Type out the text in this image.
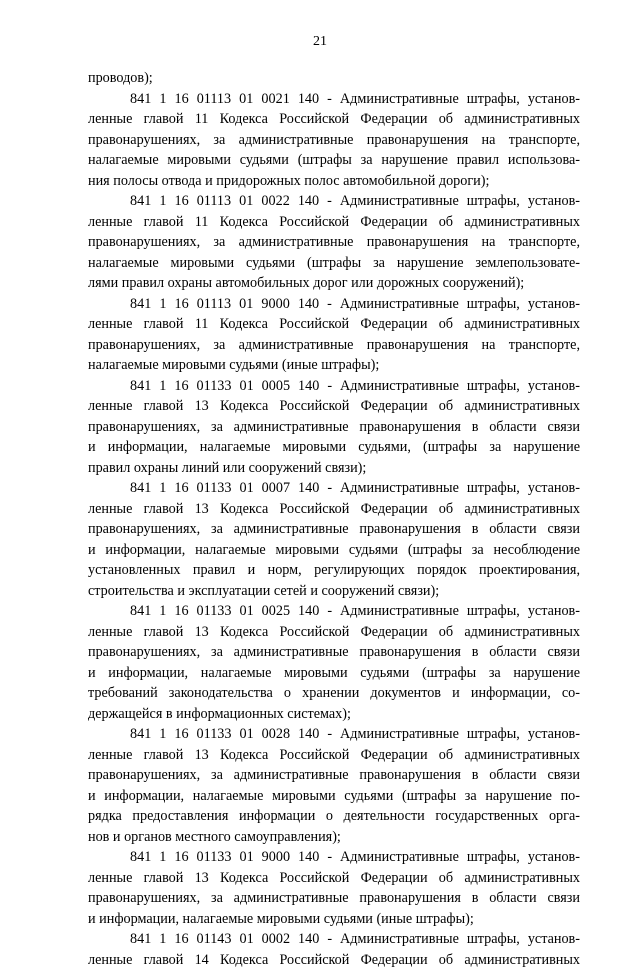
21
проводов);
841 1 16 01113 01 0021 140 - Административные штрафы, установ-
ленные главой 11 Кодекса Российской Федерации об административных
правонарушениях, за административные правонарушения на транспорте,
налагаемые мировыми судьями (штрафы за нарушение правил использова-
ния полосы отвода и придорожных полос автомобильной дороги);
841 1 16 01113 01 0022 140 - Административные штрафы, установ-
ленные главой 11 Кодекса Российской Федерации об административных
правонарушениях, за административные правонарушения на транспорте,
налагаемые мировыми судьями (штрафы за нарушение землепользовате-
лями правил охраны автомобильных дорог или дорожных сооружений);
841 1 16 01113 01 9000 140 - Административные штрафы, установ-
ленные главой 11 Кодекса Российской Федерации об административных
правонарушениях, за административные правонарушения на транспорте,
налагаемые мировыми судьями (иные штрафы);
841 1 16 01133 01 0005 140 - Административные штрафы, установ-
ленные главой 13 Кодекса Российской Федерации об административных
правонарушениях, за административные правонарушения в области связи
и информации, налагаемые мировыми судьями, (штрафы за нарушение
правил охраны линий или сооружений связи);
841 1 16 01133 01 0007 140 - Административные штрафы, установ-
ленные главой 13 Кодекса Российской Федерации об административных
правонарушениях, за административные правонарушения в области связи
и информации, налагаемые мировыми судьями (штрафы за несоблюдение
установленных правил и норм, регулирующих порядок проектирования,
строительства и эксплуатации сетей и сооружений связи);
841 1 16 01133 01 0025 140 - Административные штрафы, установ-
ленные главой 13 Кодекса Российской Федерации об административных
правонарушениях, за административные правонарушения в области связи
и информации, налагаемые мировыми судьями (штрафы за нарушение
требований законодательства о хранении документов и информации, со-
держащейся в информационных системах);
841 1 16 01133 01 0028 140 - Административные штрафы, установ-
ленные главой 13 Кодекса Российской Федерации об административных
правонарушениях, за административные правонарушения в области связи
и информации, налагаемые мировыми судьями (штрафы за нарушение по-
рядка предоставления информации о деятельности государственных орга-
нов и органов местного самоуправления);
841 1 16 01133 01 9000 140 - Административные штрафы, установ-
ленные главой 13 Кодекса Российской Федерации об административных
правонарушениях, за административные правонарушения в области связи
и информации, налагаемые мировыми судьями (иные штрафы);
841 1 16 01143 01 0002 140 - Административные штрафы, установ-
ленные главой 14 Кодекса Российской Федерации об административных
